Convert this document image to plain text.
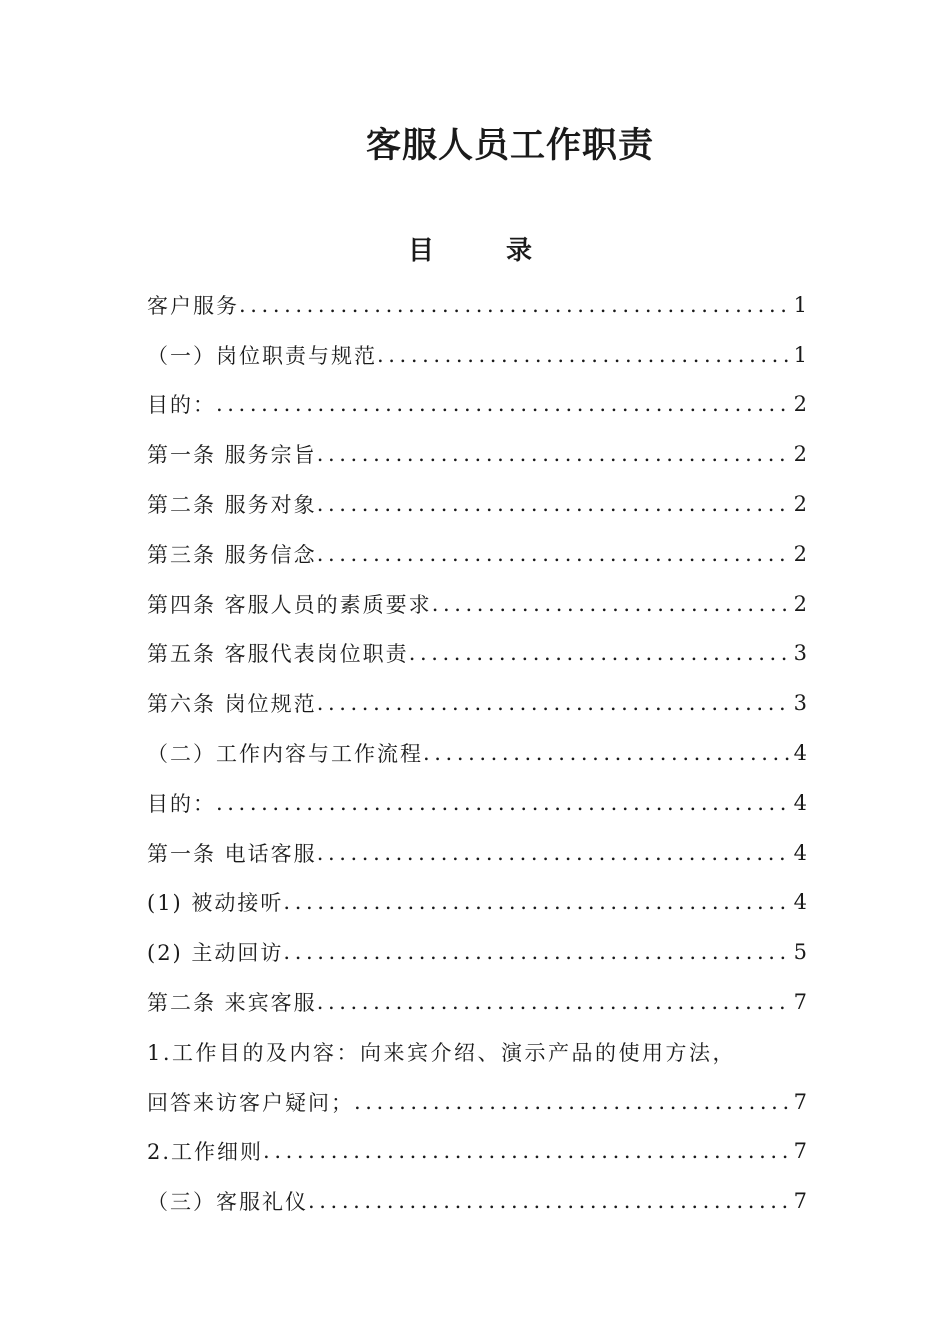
客服人员工作职责
目录
客户服务 .....	1
（一）岗位职责与规范 .....	1
目的： .....	2
第一条 服务宗旨 .....	2
第二条 服务对象 .....	2
第三条 服务信念 .....	2
第四条 客服人员的素质要求 .....	2
第五条 客服代表岗位职责 .....	3
第六条 岗位规范 .....	3
（二）工作内容与工作流程 .....	4
目的： .....	4
第一条 电话客服 .....	4
(1) 被动接听 .....	4
(2) 主动回访 .....	5
第二条 来宾客服 .....	7
1.工作目的及内容：向来宾介绍、演示产品的使用方法，
回答来访客户疑问； .....	7
2.工作细则 .....	7
（三）客服礼仪 .....	7
